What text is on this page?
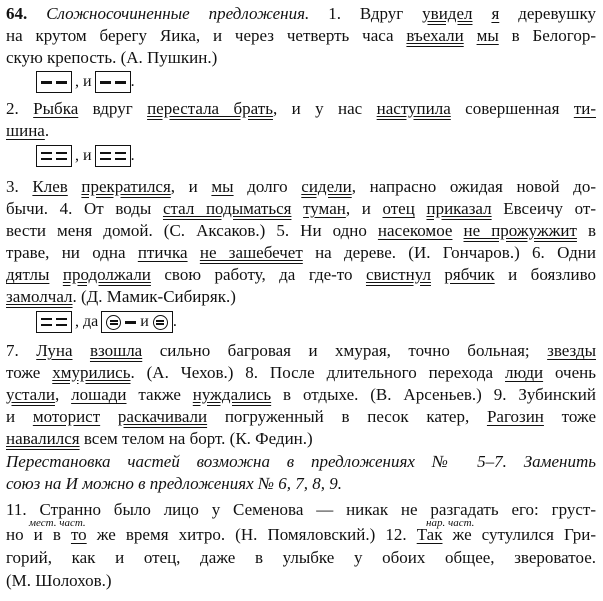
64. Сложносочиненные предложения. 1. Вдруг увидел я деревушку
на крутом берегу Яика, и через четверть часа въехали мы в Белогор-
скую крепость. (А. Пушкин.)
, и .
2. Рыбка вдруг перестала брать, и у нас наступила совершенная ти-
шина.
, и .
3. Клев прекратился, и мы долго сидели, напрасно ожидая новой до-
бычи. 4. От воды стал подыматься туман, и отец приказал Евсеичу от-
вести меня домой. (С. Аксаков.) 5. Ни одно насекомое не прожужжит в
траве, ни одна птичка не зашебечет на дереве. (И. Гончаров.) 6. Одни
дятлы продолжали свою работу, да где-то свистнул рябчик и боязливо
замолчал. (Д. Мамик-Сибиряк.)
, да	и .
7. Луна взошла сильно багровая и хмурая, точно больная; звезды
тоже хмурились. (А. Чехов.) 8. После длительного перехода люди очень
устали, лошади также нуждались в отдыхе. (В. Арсеньев.) 9. Зубинский
и моторист раскачивали погруженный в песок катер, Рагозин тоже
навалился всем телом на борт. (К. Федин.)
Перестановка частей возможна в предложениях № 5–7. Заменить
союз на И можно в предложениях № 6, 7, 8, 9.
11. Странно было лицо у Семенова — никак не разгадать его: груст-
мест. част.	нар. част.
но и в то же время хитро. (Н. Помяловский.) 12. Так же сутулился Гри-
горий, как и отец, даже в улыбке у обоих общее, звероватое.
(М. Шолохов.)
